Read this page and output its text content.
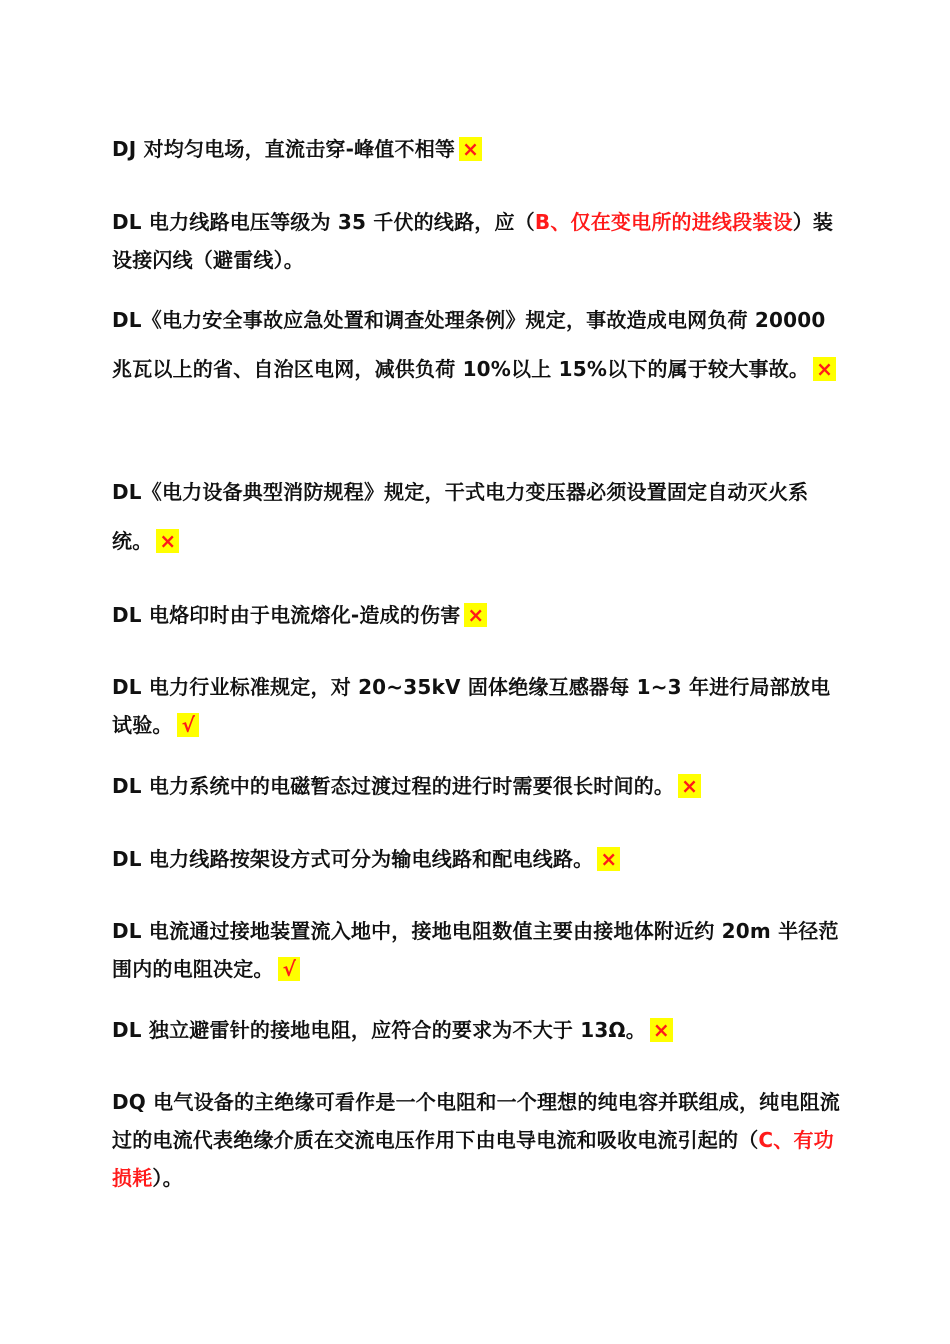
DJ 对均匀电场，直流击穿-峰值不相等 ×

DL 电力线路电压等级为 35 千伏的线路，应（B、仅在变电所的进线段装设）装设接闪线（避雷线）。

DL《电力安全事故应急处置和调查处理条例》规定，事故造成电网负荷 20000 兆瓦以上的省、自治区电网，减供负荷 10%以上 15%以下的属于较大事故。 ×

DL《电力设备典型消防规程》规定，干式电力变压器必须设置固定自动灭火系统。 ×

DL 电烙印时由于电流熔化-造成的伤害 ×

DL 电力行业标准规定，对 20~35kV 固体绝缘互感器每 1~3 年进行局部放电试验。 √

DL 电力系统中的电磁暂态过渡过程的进行时需要很长时间的。 ×

DL 电力线路按架设方式可分为输电线路和配电线路。 ×

DL 电流通过接地装置流入地中，接地电阻数值主要由接地体附近约 20m 半径范围内的电阻决定。 √

DL 独立避雷针的接地电阻，应符合的要求为不大于 13Ω。 ×

DQ 电气设备的主绝缘可看作是一个电阻和一个理想的纯电容并联组成，纯电阻流过的电流代表绝缘介质在交流电压作用下由电导电流和吸收电流引起的（C、有功损耗）。
